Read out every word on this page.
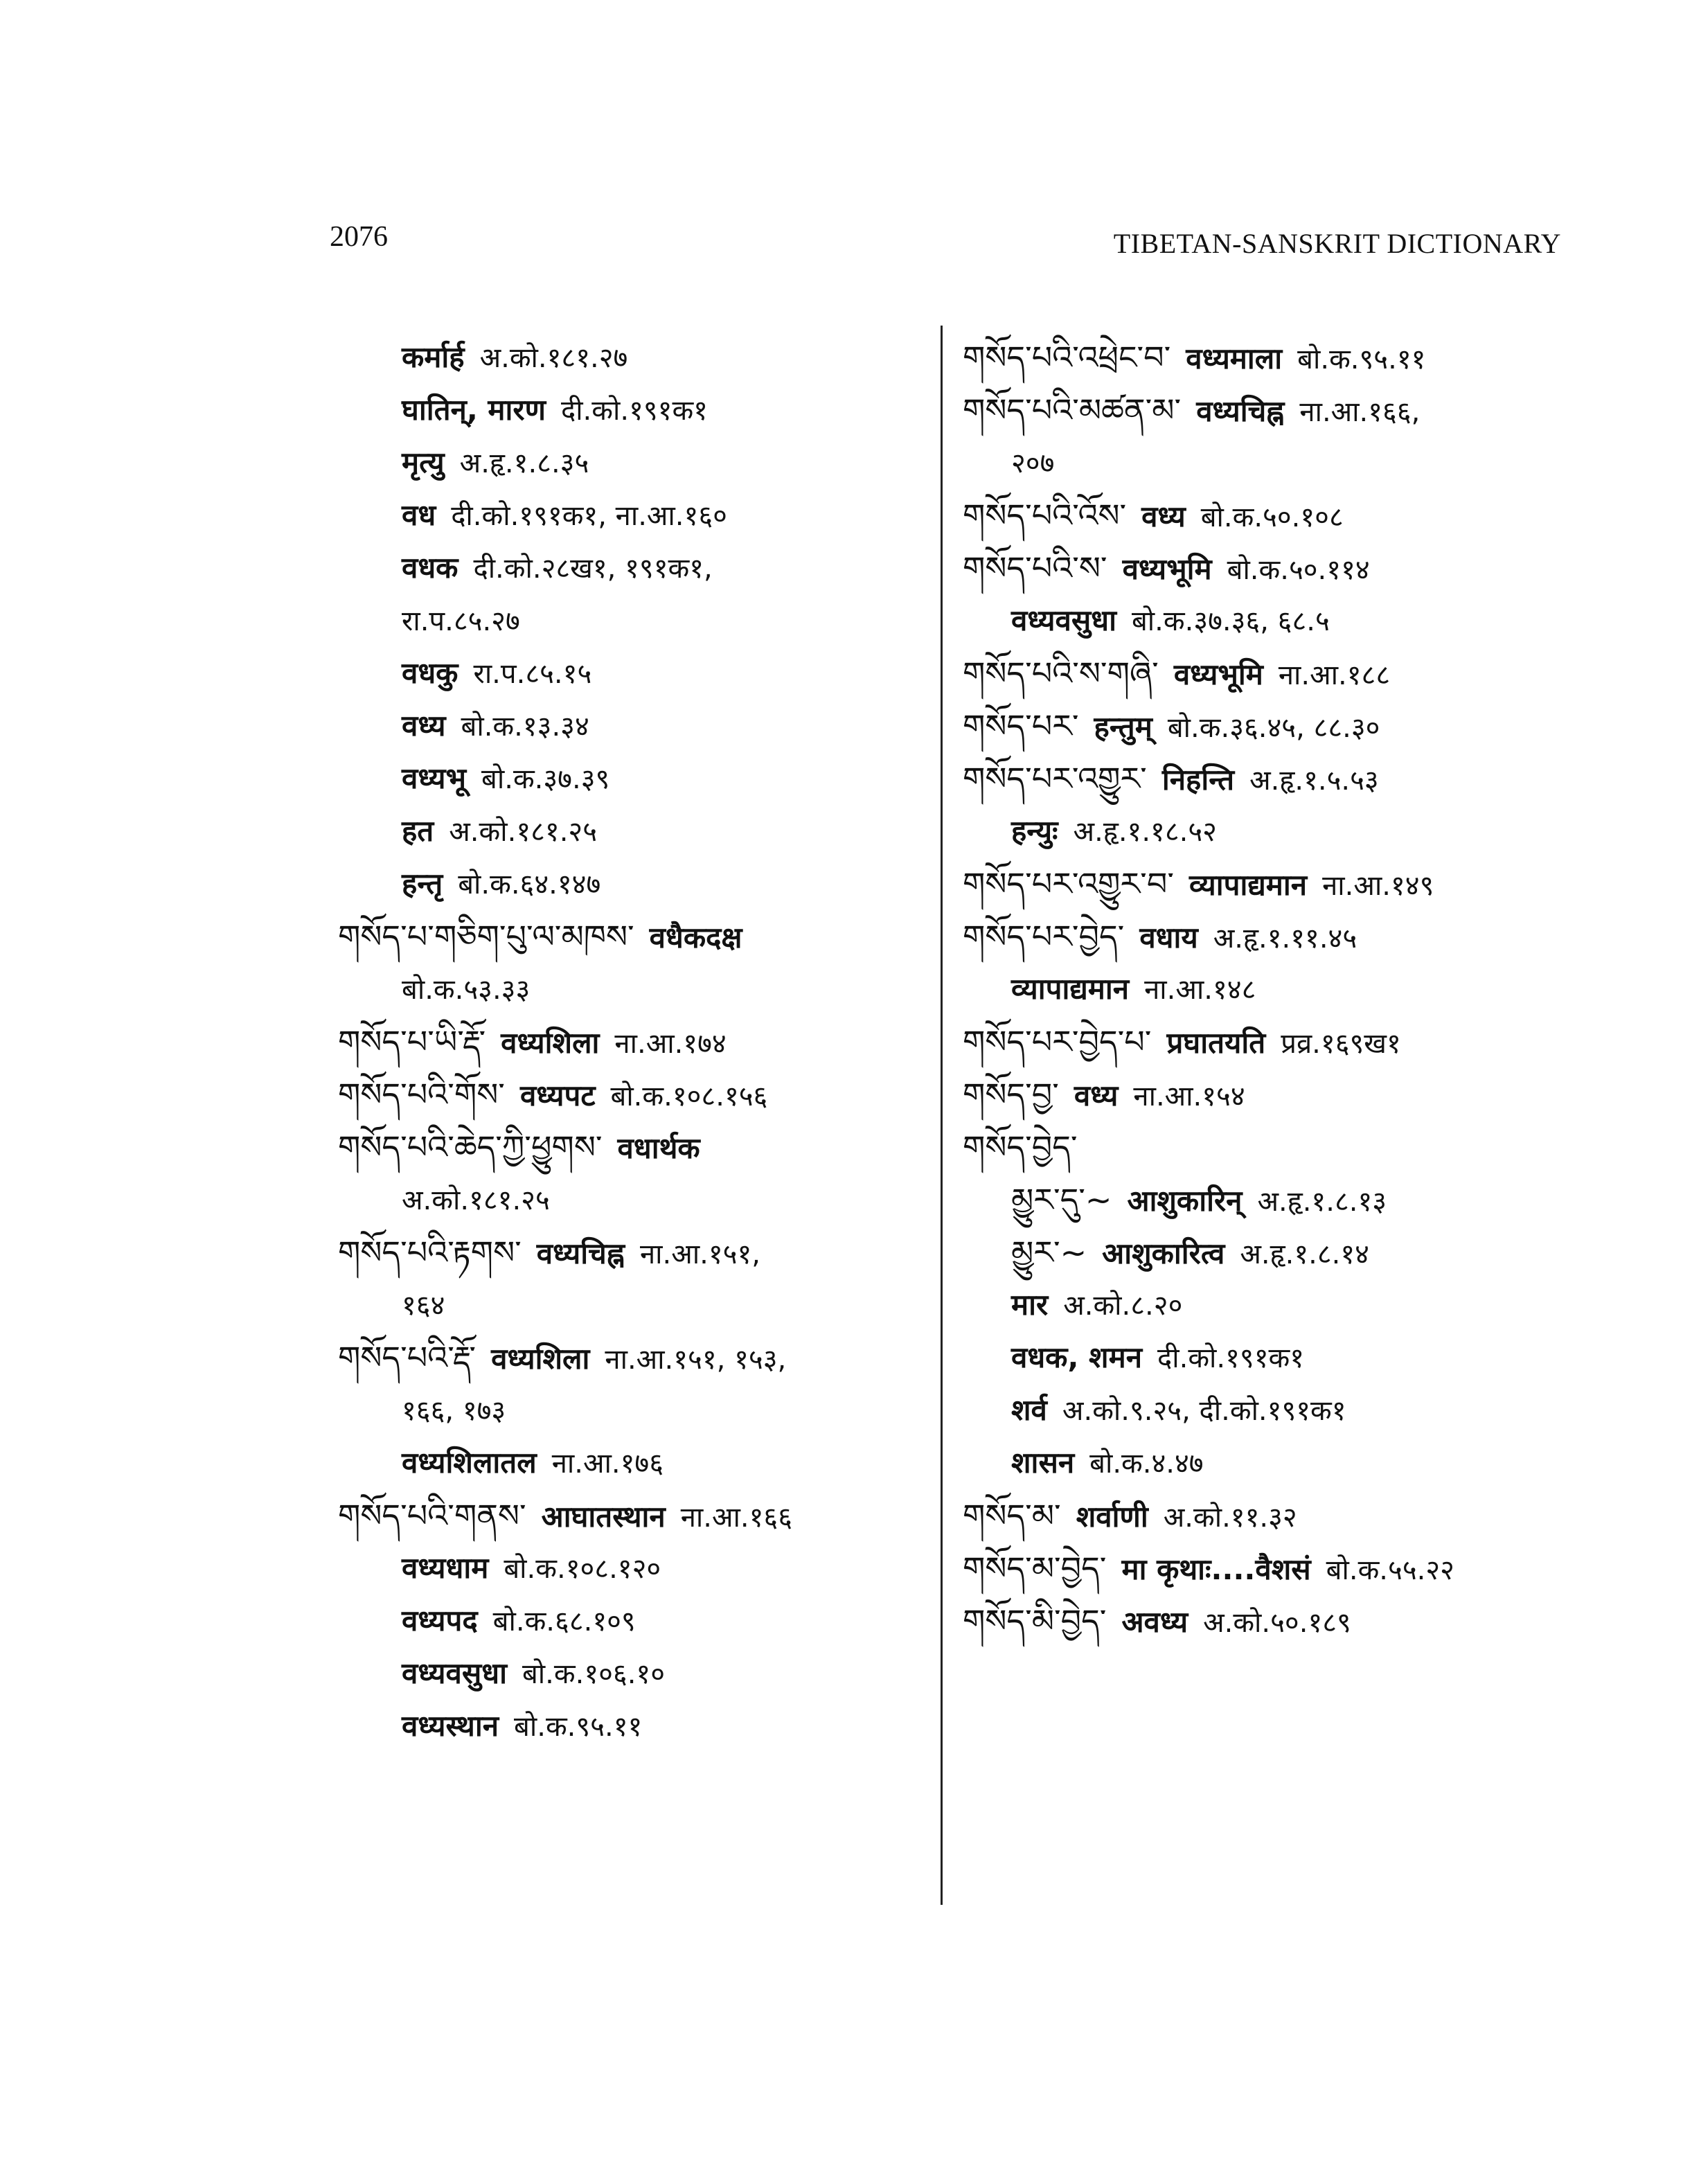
2076	TIBETAN-SANSKRIT DICTIONARY
कर्मार्ह अ.को.१८१.२७
घातिन्, मारण दी.को.१९१क१
मृत्यु अ.हृ.१.८.३५
वध दी.को.१९१क१, ना.आ.१६०
वधक दी.को.२८ख१, १९१क१,
रा.प.८५.२७
वधकु रा.प.८५.१५
वध्य बो.क.१३.३४
वध्यभू बो.क.३७.३९
हत अ.को.१८१.२५
हन्तृ बो.क.६४.१४७
གསོད་པ་གཅིག་པུ་ལ་མཁས་ वधैकदक्ष
बो.क.५३.३३
གསོད་པ་ཡི་རྡོ་ वध्यशिला ना.आ.१७४
གསོད་པའི་གོས་ वध्यपट बो.क.१०८.१५६
གསོད་པའི་ཆེད་ཀྱི་ཕྱུགས་ वधार्थक
अ.को.१८१.२५
གསོད་པའི་རྟགས་ वध्यचिह्न ना.आ.१५१,
१६४
གསོད་པའི་རྡོ་ वध्यशिला ना.आ.१५१, १५३,
१६६, १७३
वध्यशिलातल ना.आ.१७६
གསོད་པའི་གནས་ आघातस्थान ना.आ.१६६
वध्यधाम बो.क.१०८.१२०
वध्यपद बो.क.६८.१०९
वध्यवसुधा बो.क.१०६.१०
वध्यस्थान बो.क.९५.११
གསོད་པའི་འཕྲེང་བ་ वध्यमाला बो.क.९५.११
གསོད་པའི་མཚན་མ་ वध्यचिह्न ना.आ.१६६,
२०७
གསོད་པའི་འོས་ वध्य बो.क.५०.१०८
གསོད་པའི་ས་ वध्यभूमि बो.क.५०.११४
वध्यवसुधा बो.क.३७.३६, ६८.५
གསོད་པའི་ས་གཞི་ वध्यभूमि ना.आ.१८८
གསོད་པར་ हन्तुम् बो.क.३६.४५, ८८.३०
གསོད་པར་འགྱུར་ निहन्ति अ.हृ.१.५.५३
हन्युः अ.हृ.१.१८.५२
གསོད་པར་འགྱུར་བ་ व्यापाद्यमान ना.आ.१४९
གསོད་པར་བྱེད་ वधाय अ.हृ.१.११.४५
व्यापाद्यमान ना.आ.१४८
གསོད་པར་བྱེད་པ་ प्रघातयति प्रव्र.१६९ख१
གསོད་བྱ་ वध्य ना.आ.१५४
གསོད་བྱེད་
མྱུར་དུ་~ आशुकारिन् अ.हृ.१.८.१३
མྱུར་~ आशुकारित्व अ.हृ.१.८.१४
मार अ.को.८.२०
वधक, शमन दी.को.१९१क१
शर्व अ.को.९.२५, दी.को.१९१क१
शासन बो.क.४.४७
གསོད་མ་ शर्वाणी अ.को.११.३२
གསོད་མ་བྱེད་ मा कृथाः....वैशसं बो.क.५५.२२
གསོད་མི་བྱེད་ अवध्य अ.को.५०.१८९
